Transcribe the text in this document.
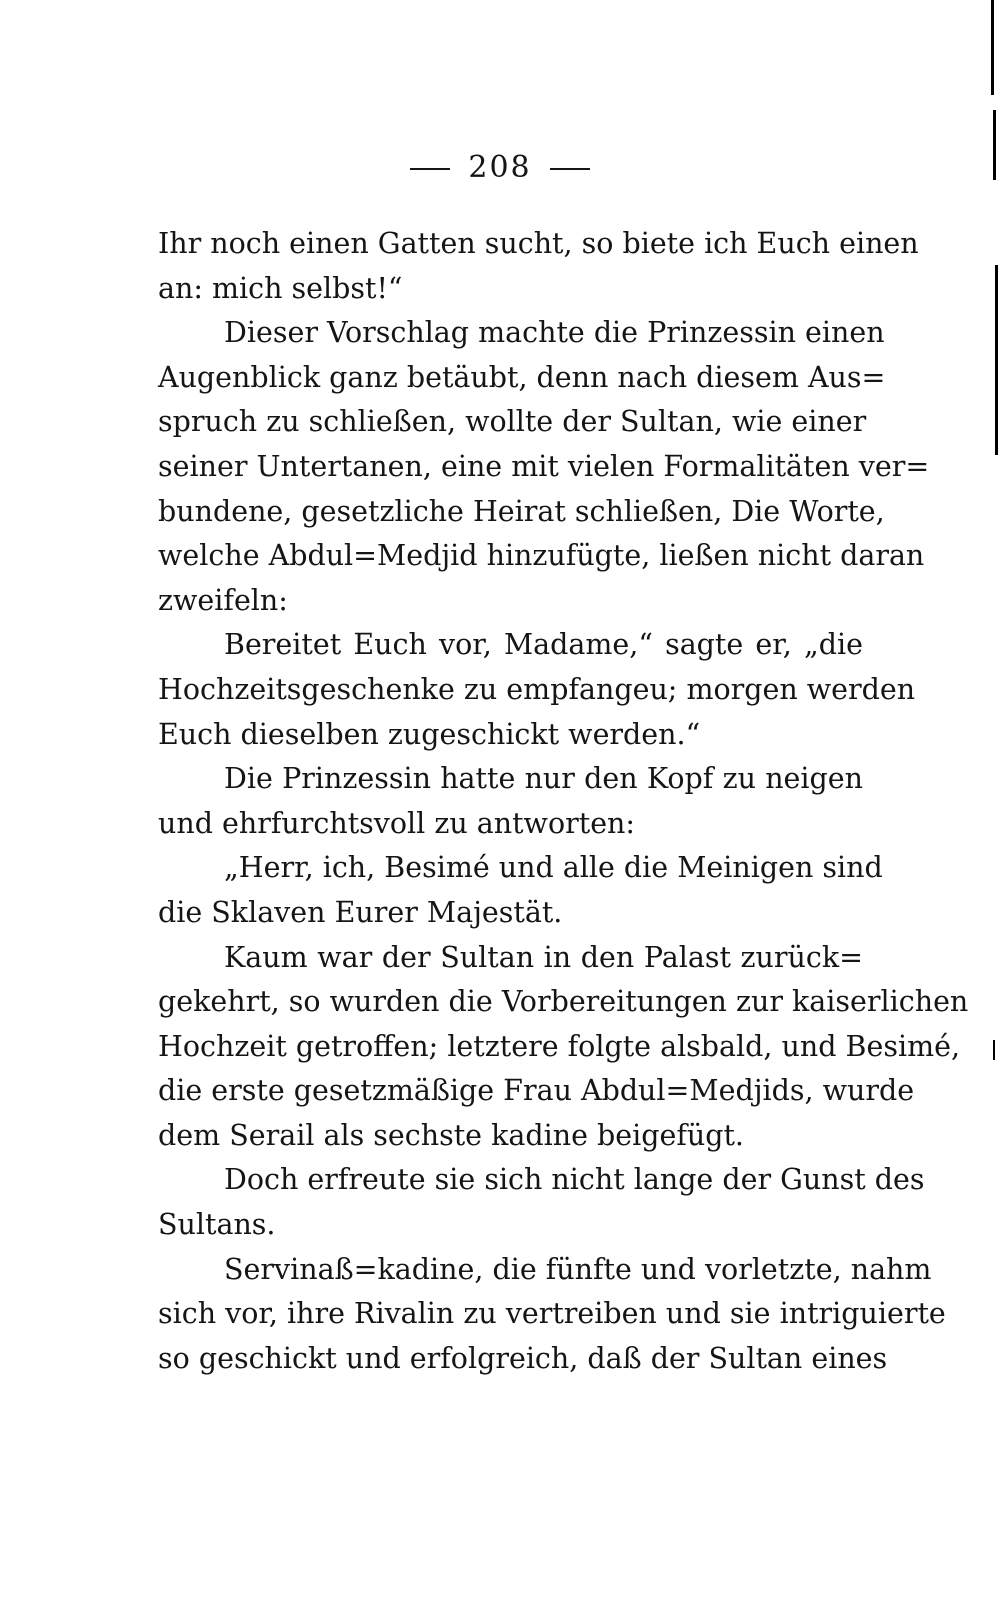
208
Ihr noch einen Gatten sucht, so biete ich Euch einen
an: mich selbst!“
Dieser Vorschlag machte die Prinzessin einen
Augenblick ganz betäubt, denn nach diesem Aus=
spruch zu schließen, wollte der Sultan, wie einer
seiner Untertanen, eine mit vielen Formalitäten ver=
bundene, gesetzliche Heirat schließen, Die Worte,
welche Abdul=Medjid hinzufügte, ließen nicht daran
zweifeln:
Bereitet Euch vor, Madame,“ sagte er, „die
Hochzeitsgeschenke zu empfangeu; morgen werden
Euch dieselben zugeschickt werden.“
Die Prinzessin hatte nur den Kopf zu neigen
und ehrfurchtsvoll zu antworten:
„Herr, ich, Besimé und alle die Meinigen sind
die Sklaven Eurer Majestät.
Kaum war der Sultan in den Palast zurück=
gekehrt, so wurden die Vorbereitungen zur kaiserlichen
Hochzeit getroffen; letztere folgte alsbald, und Besimé,
die erste gesetzmäßige Frau Abdul=Medjids, wurde
dem Serail als sechste kadine beigefügt.
Doch erfreute sie sich nicht lange der Gunst des
Sultans.
Servinaß=kadine, die fünfte und vorletzte, nahm
sich vor, ihre Rivalin zu vertreiben und sie intriguierte
so geschickt und erfolgreich, daß der Sultan eines
